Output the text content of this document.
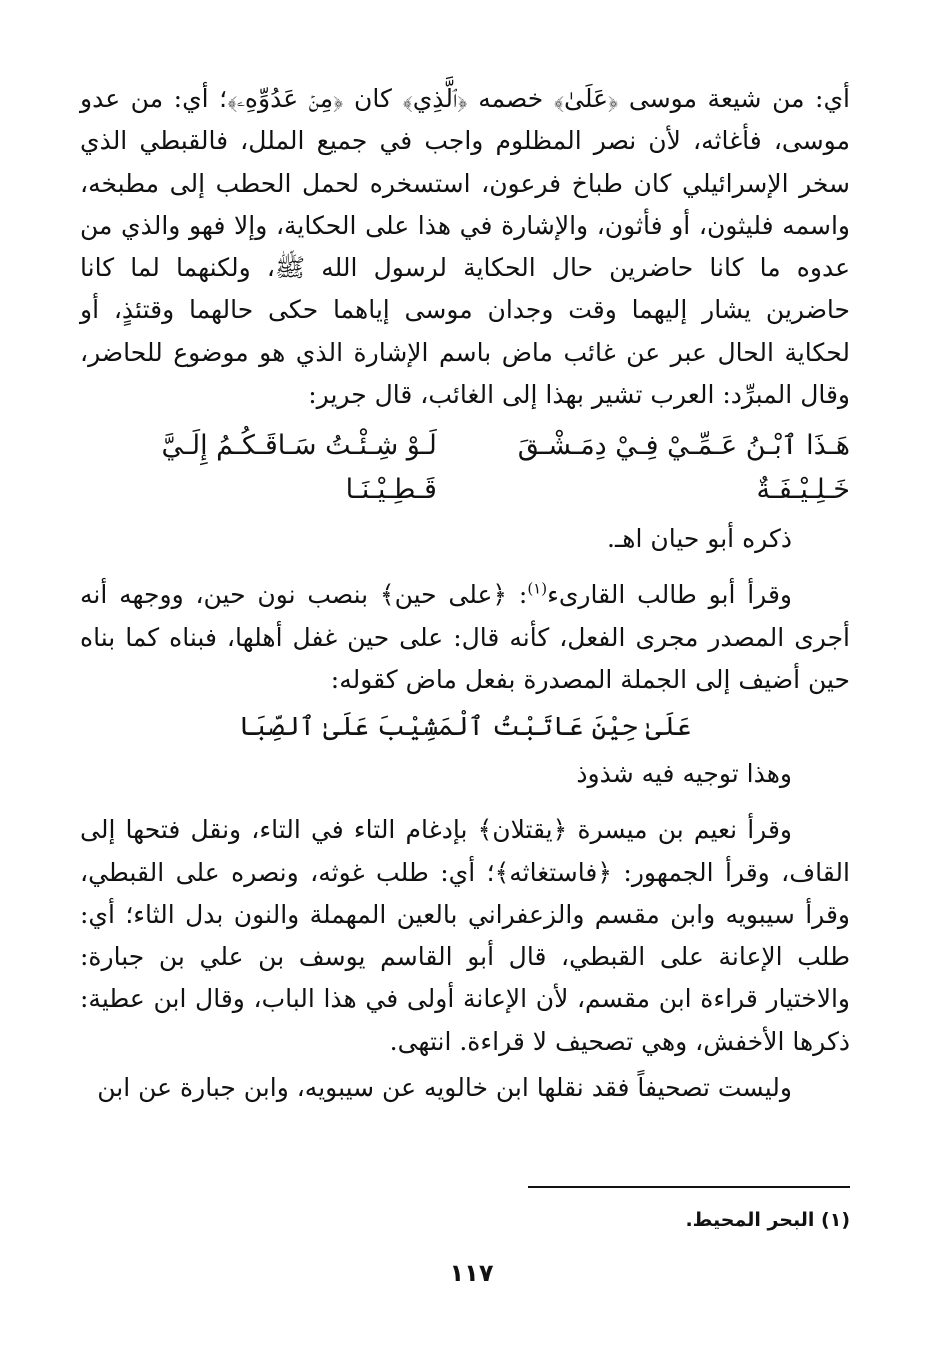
أي: من شيعة موسى ﴿عَلَىٰ﴾ خصمه ﴿ٱلَّذِي﴾ كان ﴿مِنۡ عَدُوِّهِۦ﴾؛ أي: من عدو موسى، فأغاثه، لأن نصر المظلوم واجب في جميع الملل، فالقبطي الذي سخر الإسرائيلي كان طباخ فرعون، استسخره لحمل الحطب إلى مطبخه، واسمه فليثون، أو فأثون، والإشارة في هذا على الحكاية، وإلا فهو والذي من عدوه ما كانا حاضرين حال الحكاية لرسول الله ﷺ، ولكنهما لما كانا حاضرين يشار إليهما وقت وجدان موسى إياهما حكى حالهما وقتئذٍ، أو لحكاية الحال عبر عن غائب ماض باسم الإشارة الذي هو موضوع للحاضر، وقال المبرِّد: العرب تشير بهذا إلى الغائب، قال جرير:

هَـذَا ٱبْـنُ عَـمِّـيْ فِـيْ دِمَـشْـقَ خَـلِـيْـفَـةٌ
لَـوْ شِـئْـتُ سَـاقَـكُـمُ إِلَـيَّ قَـطِـيْـنَـا

ذكره أبو حيان اهـ.

وقرأ أبو طالب القارىء$^{(١)}$: ﴿على حين﴾ بنصب نون حين، ووجهه أنه أجرى المصدر مجرى الفعل، كأنه قال: على حين غفل أهلها، فبناه كما بناه حين أضيف إلى الجملة المصدرة بفعل ماض كقوله:

عَلَىٰ حِيْنَ عَاتَبْتُ ٱلْمَشِيْبَ عَلَىٰ ٱلصِّبَا

وهذا توجيه فيه شذوذ

وقرأ نعيم بن ميسرة ﴿يقتلان﴾ بإدغام التاء في التاء، ونقل فتحها إلى القاف، وقرأ الجمهور: ﴿فاستغاثه﴾؛ أي: طلب غوثه، ونصره على القبطي، وقرأ سيبويه وابن مقسم والزعفراني بالعين المهملة والنون بدل الثاء؛ أي: طلب الإعانة على القبطي، قال أبو القاسم يوسف بن علي بن جبارة: والاختيار قراءة ابن مقسم، لأن الإعانة أولى في هذا الباب، وقال ابن عطية: ذكرها الأخفش، وهي تصحيف لا قراءة. انتهى.

وليست تصحيفاً فقد نقلها ابن خالويه عن سيبويه، وابن جبارة عن ابن

(١) البحر المحيط.
١١٧
